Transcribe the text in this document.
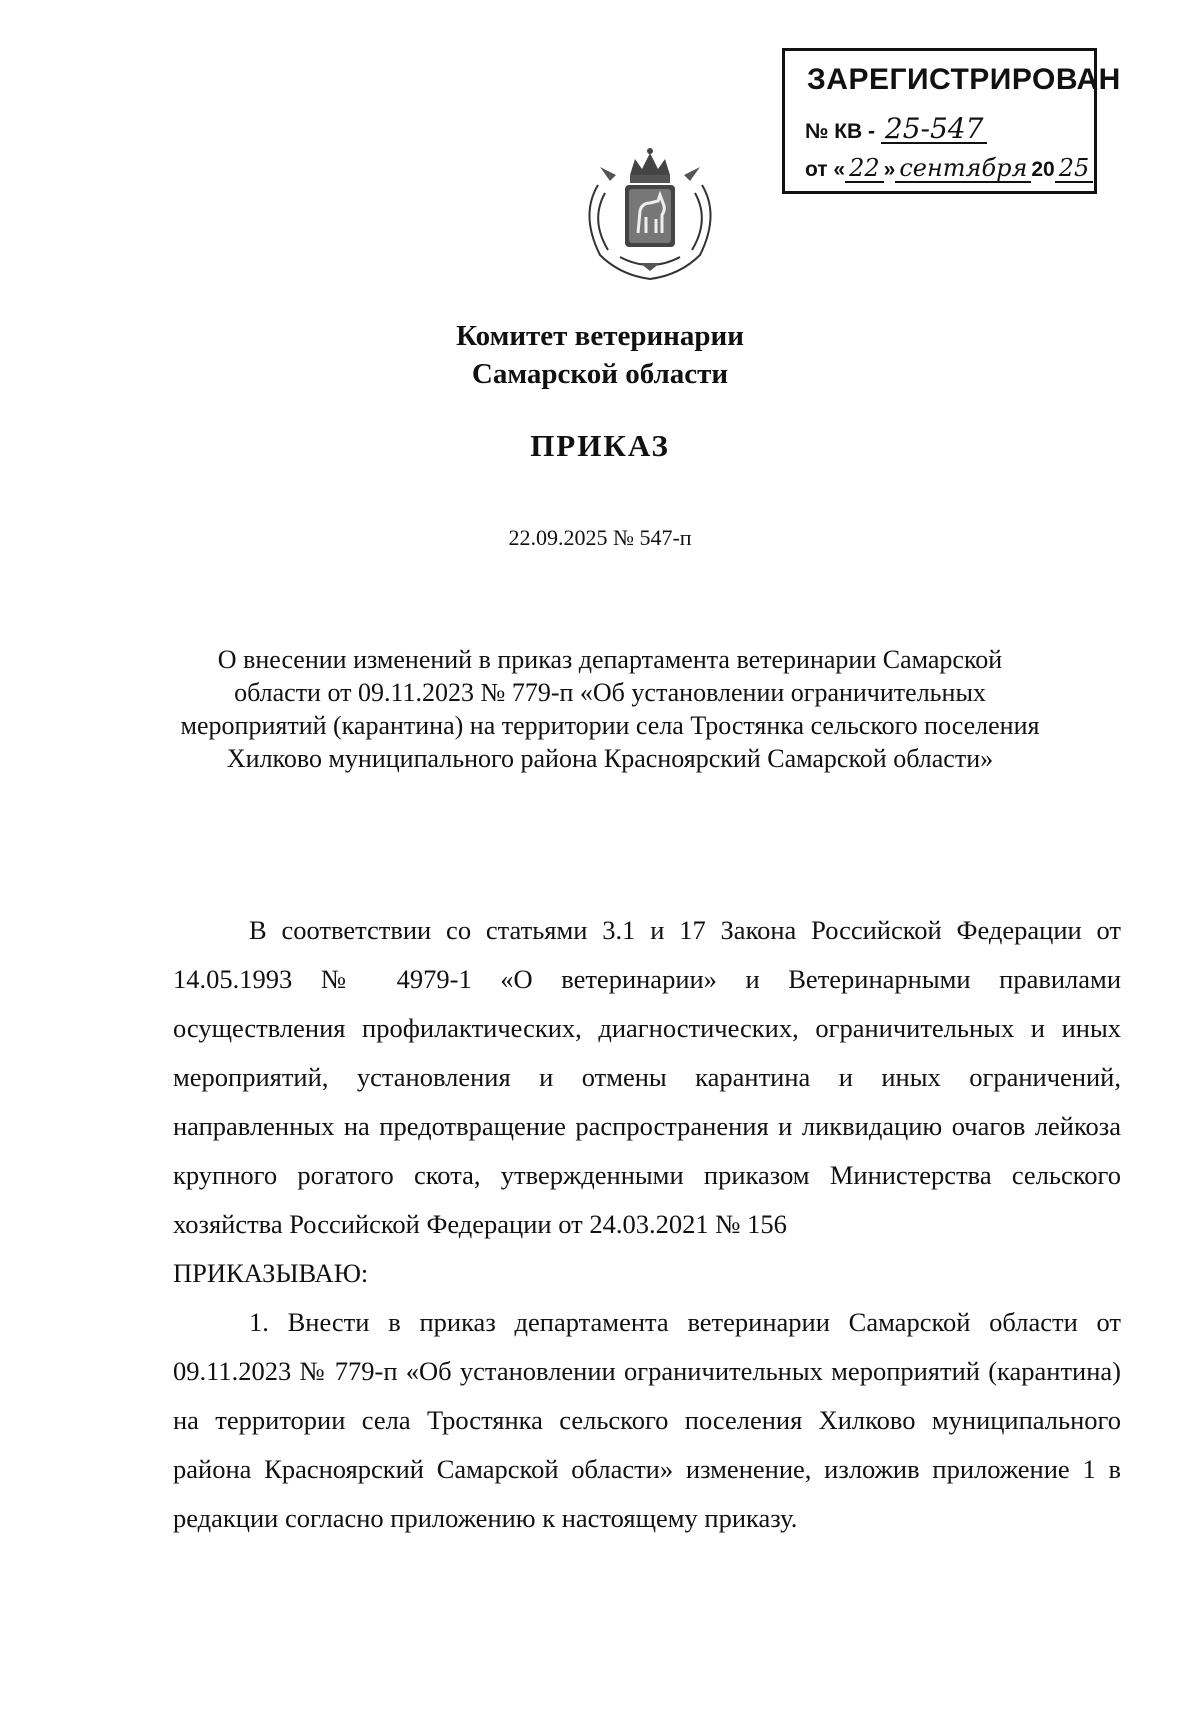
ЗАРЕГИСТРИРОВАН
№ КВ - 25-547
от « 22 » сентября 20 25
Комитет ветеринарии
Самарской области
ПРИКАЗ
22.09.2025 № 547-п
О внесении изменений в приказ департамента ветеринарии Самарской области от 09.11.2023 № 779-п «Об установлении ограничительных мероприятий (карантина) на территории села Тростянка сельского поселения Хилково муниципального района Красноярский Самарской области»

В соответствии со статьями 3.1 и 17 Закона Российской Федерации от 14.05.1993 № 4979-1 «О ветеринарии» и Ветеринарными правилами осуществления профилактических, диагностических, ограничительных и иных мероприятий, установления и отмены карантина и иных ограничений, направленных на предотвращение распространения и ликвидацию очагов лейкоза крупного рогатого скота, утвержденными приказом Министерства сельского хозяйства Российской Федерации от 24.03.2021 № 156

ПРИКАЗЫВАЮ:

1. Внести в приказ департамента ветеринарии Самарской области от 09.11.2023 № 779-п «Об установлении ограничительных мероприятий (карантина) на территории села Тростянка сельского поселения Хилково муниципального района Красноярский Самарской области» изменение, изложив приложение 1 в редакции согласно приложению к настоящему приказу.
